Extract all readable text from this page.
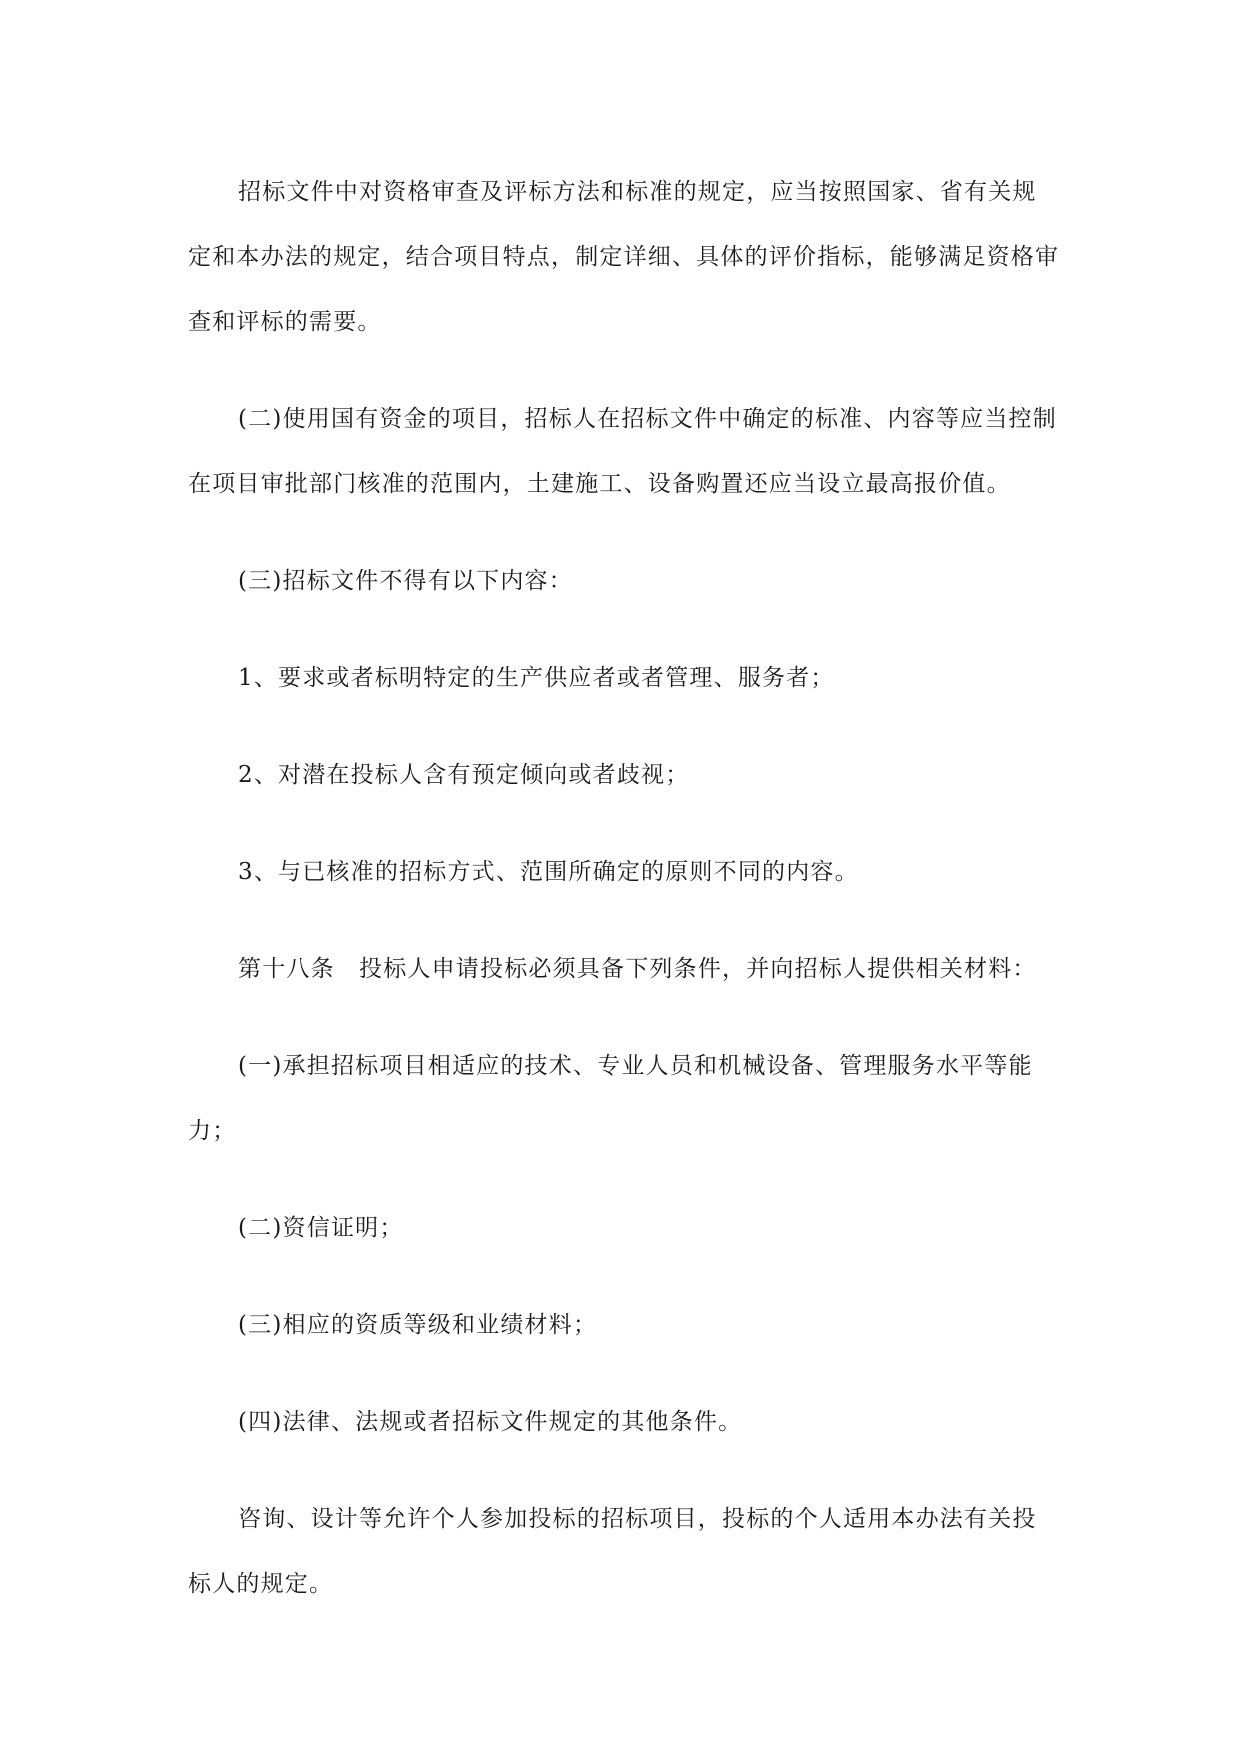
招标文件中对资格审查及评标方法和标准的规定，应当按照国家、省有关规定和本办法的规定，结合项目特点，制定详细、具体的评价指标，能够满足资格审查和评标的需要。

(二)使用国有资金的项目，招标人在招标文件中确定的标准、内容等应当控制在项目审批部门核准的范围内，土建施工、设备购置还应当设立最高报价值。

(三)招标文件不得有以下内容：

1、要求或者标明特定的生产供应者或者管理、服务者；

2、对潜在投标人含有预定倾向或者歧视；

3、与已核准的招标方式、范围所确定的原则不同的内容。

第十八条　投标人申请投标必须具备下列条件，并向招标人提供相关材料：

(一)承担招标项目相适应的技术、专业人员和机械设备、管理服务水平等能力；

(二)资信证明；

(三)相应的资质等级和业绩材料；

(四)法律、法规或者招标文件规定的其他条件。

咨询、设计等允许个人参加投标的招标项目，投标的个人适用本办法有关投标人的规定。
